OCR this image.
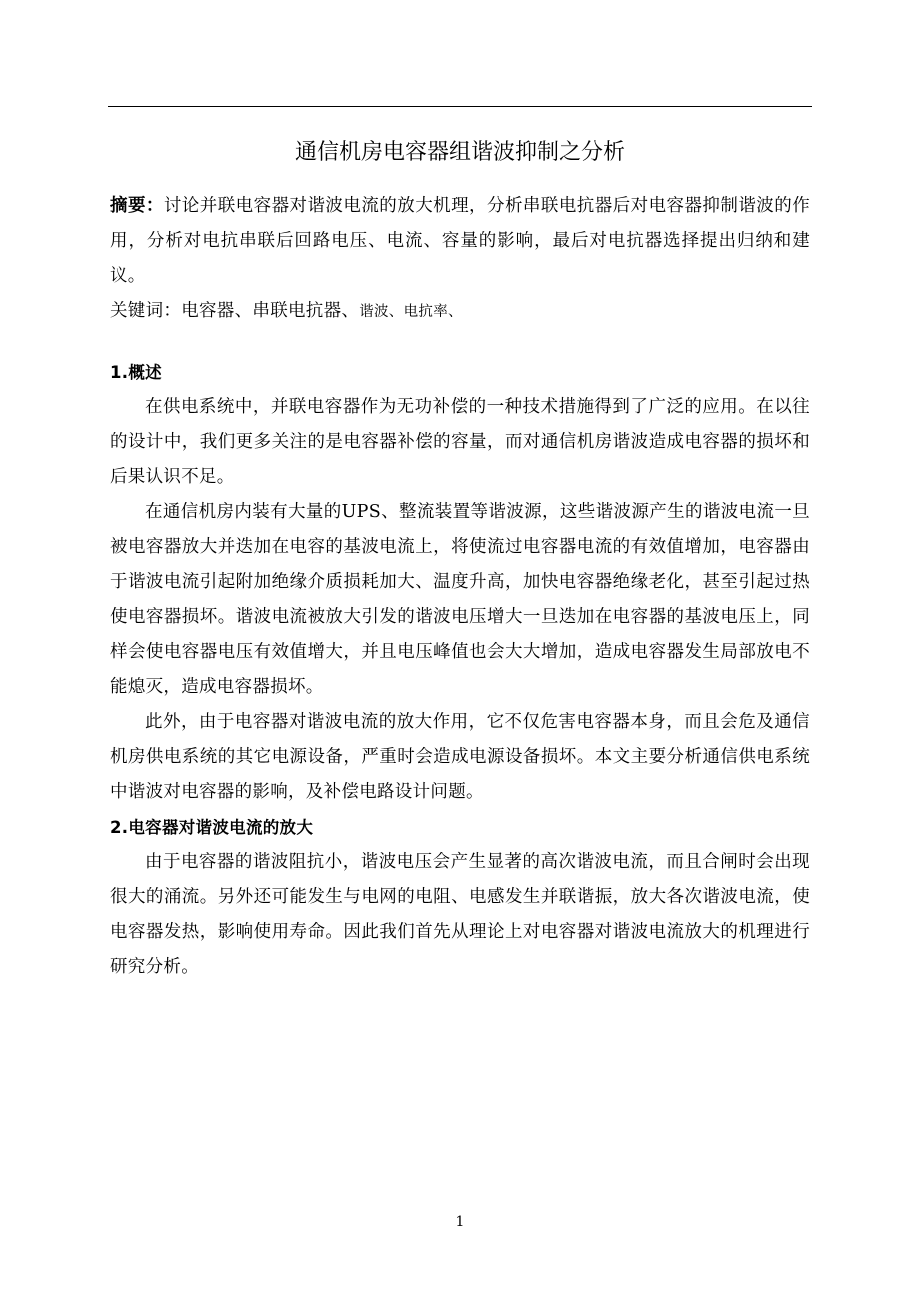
通信机房电容器组谐波抑制之分析

摘要：讨论并联电容器对谐波电流的放大机理，分析串联电抗器后对电容器抑制谐波的作用，分析对电抗串联后回路电压、电流、容量的影响，最后对电抗器选择提出归纳和建议。

关键词：电容器、串联电抗器、谐波、电抗率、

1.概述

在供电系统中，并联电容器作为无功补偿的一种技术措施得到了广泛的应用。在以往的设计中，我们更多关注的是电容器补偿的容量，而对通信机房谐波造成电容器的损坏和后果认识不足。

在通信机房内装有大量的UPS、整流装置等谐波源，这些谐波源产生的谐波电流一旦被电容器放大并迭加在电容的基波电流上，将使流过电容器电流的有效值增加，电容器由于谐波电流引起附加绝缘介质损耗加大、温度升高，加快电容器绝缘老化，甚至引起过热使电容器损坏。谐波电流被放大引发的谐波电压增大一旦迭加在电容器的基波电压上，同样会使电容器电压有效值增大，并且电压峰值也会大大增加，造成电容器发生局部放电不能熄灭，造成电容器损坏。

此外，由于电容器对谐波电流的放大作用，它不仅危害电容器本身，而且会危及通信机房供电系统的其它电源设备，严重时会造成电源设备损坏。本文主要分析通信供电系统中谐波对电容器的影响，及补偿电路设计问题。

2.电容器对谐波电流的放大

由于电容器的谐波阻抗小，谐波电压会产生显著的高次谐波电流，而且合闸时会出现很大的涌流。另外还可能发生与电网的电阻、电感发生并联谐振，放大各次谐波电流，使电容器发热，影响使用寿命。因此我们首先从理论上对电容器对谐波电流放大的机理进行研究分析。

1
